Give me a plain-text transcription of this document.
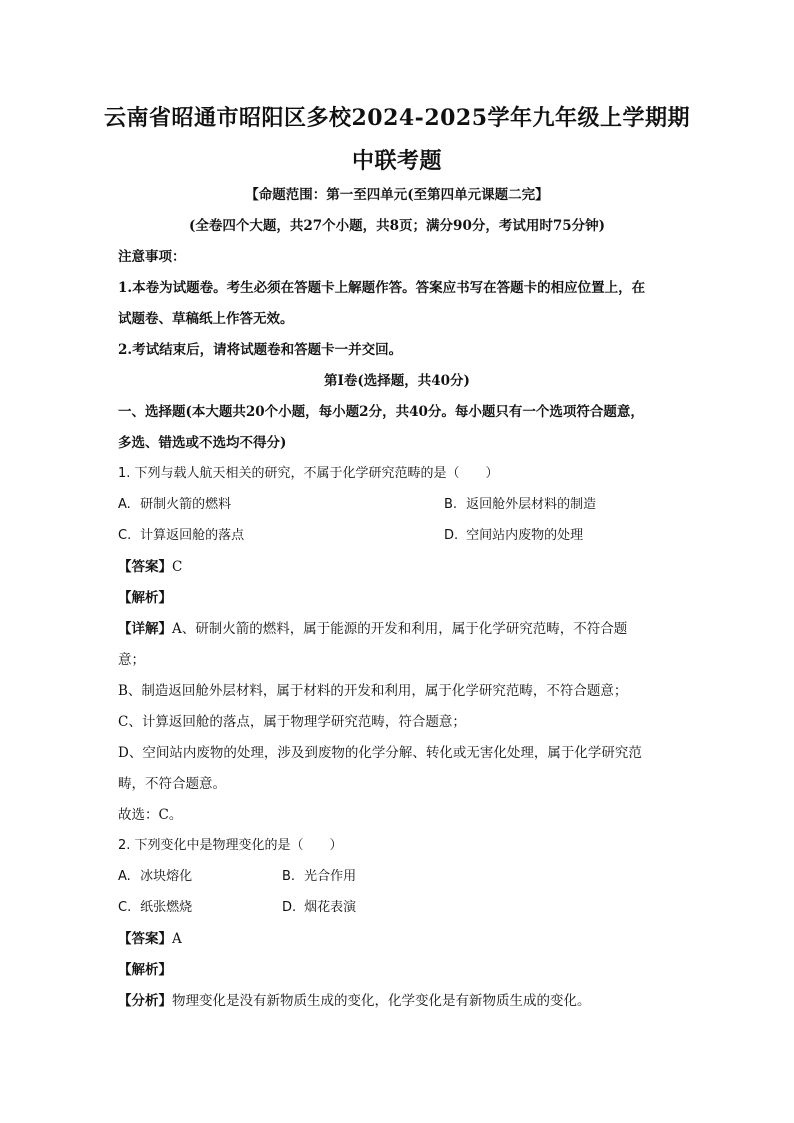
云南省昭通市昭阳区多校2024-2025学年九年级上学期期
中联考题
【命题范围：第一至四单元(至第四单元课题二完】
(全卷四个大题，共27个小题，共8页；满分90分，考试用时75分钟)
注意事项：
1.本卷为试题卷。考生必须在答题卡上解题作答。答案应书写在答题卡的相应位置上，在
试题卷、草稿纸上作答无效。
2.考试结束后，请将试题卷和答题卡一并交回。
第Ⅰ卷(选择题，共40分)
一、选择题(本大题共20个小题，每小题2分，共40分。每小题只有一个选项符合题意，
多选、错选或不选均不得分)
1. 下列与载人航天相关的研究，不属于化学研究范畴的是（　　）
A. 研制火箭的燃料	B. 返回舱外层材料的制造
C. 计算返回舱的落点	D. 空间站内废物的处理
【答案】C
【解析】
【详解】A、研制火箭的燃料，属于能源的开发和利用，属于化学研究范畴，不符合题
意；
B、制造返回舱外层材料，属于材料的开发和利用，属于化学研究范畴，不符合题意；
C、计算返回舱的落点，属于物理学研究范畴，符合题意；
D、空间站内废物的处理，涉及到废物的化学分解、转化或无害化处理，属于化学研究范
畴，不符合题意。
故选：C。
2. 下列变化中是物理变化的是（　　）
A. 冰块熔化	B. 光合作用
C. 纸张燃烧	D. 烟花表演
【答案】A
【解析】
【分析】物理变化是没有新物质生成的变化，化学变化是有新物质生成的变化。
